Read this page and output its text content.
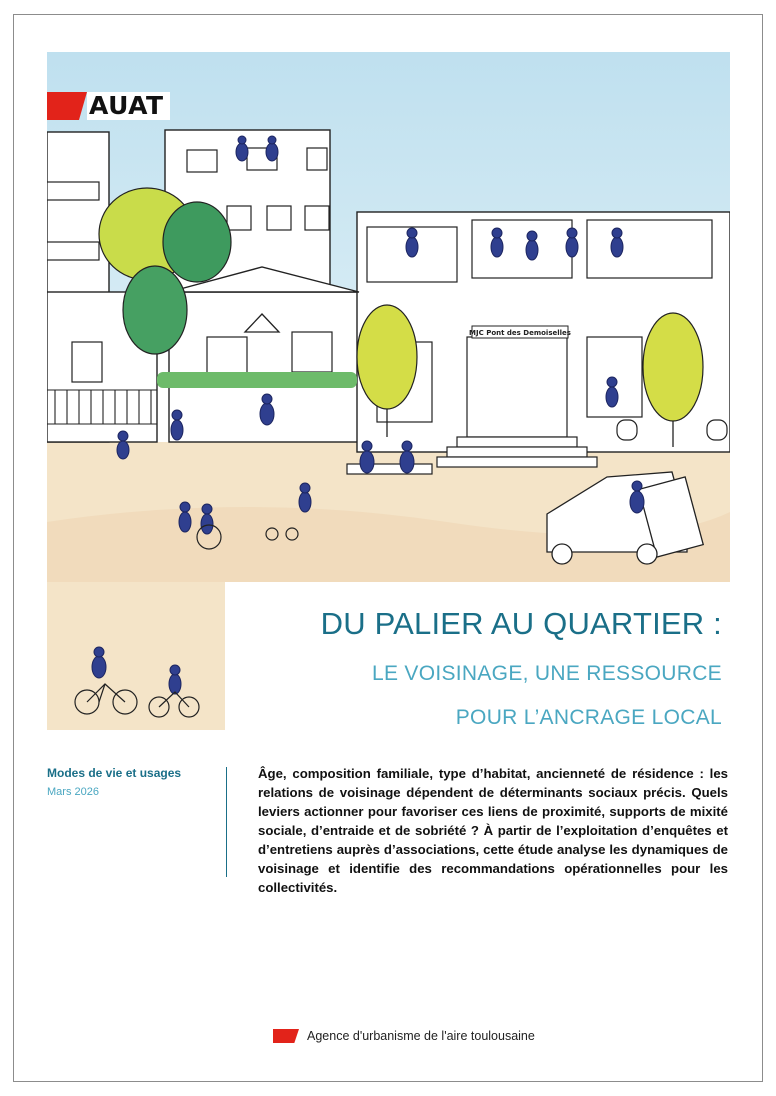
MJC Pont des Demoiselles
AUAT
DU PALIER AU QUARTIER :
LE VOISINAGE, UNE RESSOURCE
POUR L’ANCRAGE LOCAL
Modes de vie et usages
Mars 2026
Âge, composition familiale, type d’habitat, ancienneté de résidence : les relations de voisinage dépendent de déterminants sociaux précis. Quels leviers actionner pour favoriser ces liens de proximité, supports de mixité sociale, d’entraide et de sobriété ? À partir de l’exploitation d’enquêtes et d’entretiens auprès d’associations, cette étude analyse les dynamiques de voisinage et identifie des recommandations opérationnelles pour les collectivités.
Agence d'urbanisme de l'aire toulousaine
